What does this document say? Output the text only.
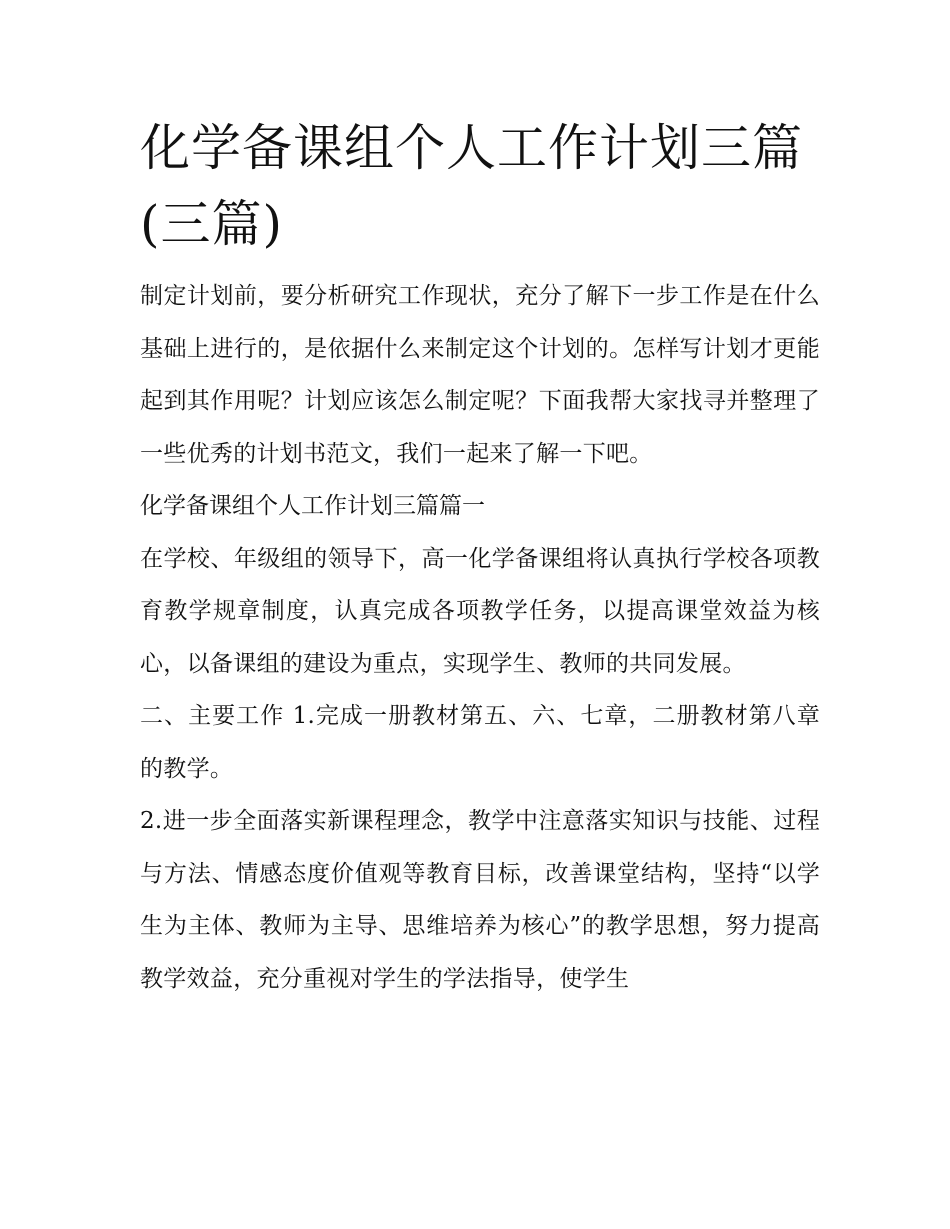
化学备课组个人工作计划三篇(三篇)

制定计划前，要分析研究工作现状，充分了解下一步工作是在什么基础上进行的，是依据什么来制定这个计划的。怎样写计划才更能起到其作用呢？计划应该怎么制定呢？下面我帮大家找寻并整理了一些优秀的计划书范文，我们一起来了解一下吧。

化学备课组个人工作计划三篇篇一

在学校、年级组的领导下，高一化学备课组将认真执行学校各项教育教学规章制度，认真完成各项教学任务，以提高课堂效益为核心，以备课组的建设为重点，实现学生、教师的共同发展。

二、主要工作 1.完成一册教材第五、六、七章，二册教材第八章的教学。

2.进一步全面落实新课程理念，教学中注意落实知识与技能、过程与方法、情感态度价值观等教育目标，改善课堂结构，坚持“以学生为主体、教师为主导、思维培养为核心”的教学思想，努力提高教学效益，充分重视对学生的学法指导，使学生
